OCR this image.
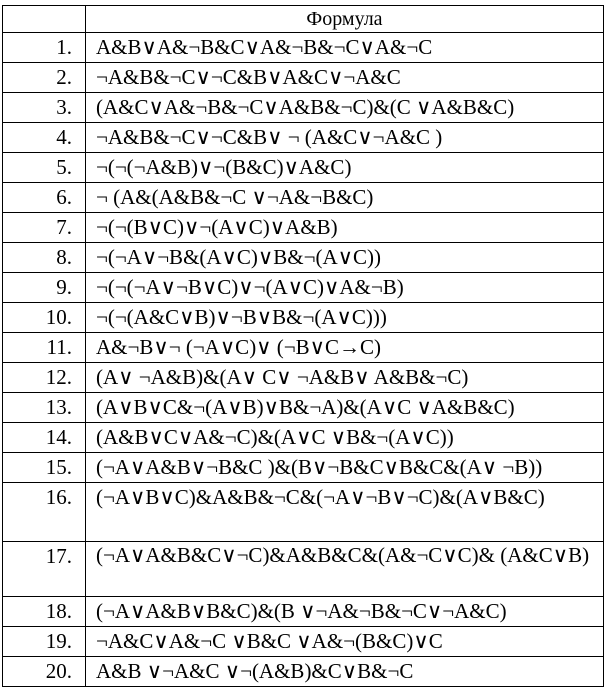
	Формула
1.	A&B∨A&¬B&C∨A&¬B&¬C∨A&¬C
2.	¬A&B&¬C∨¬C&B∨A&C∨¬A&C
3.	(A&C∨A&¬B&¬C∨A&B&¬C)&(C ∨A&B&C)
4.	¬A&B&¬C∨¬C&B∨ ¬ (A&C∨¬A&C )
5.	¬(¬(¬A&B)∨¬(B&C)∨A&C)
6.	¬ (A&(A&B&¬C ∨¬A&¬B&C)
7.	¬(¬(B∨C)∨¬(A∨C)∨A&B)
8.	¬(¬A∨¬B&(A∨C)∨B&¬(A∨C))
9.	¬(¬(¬A∨¬B∨C)∨¬(A∨C)∨A&¬B)
10.	¬(¬(A&C∨B)∨¬B∨B&¬(A∨C)))
11.	A&¬B∨¬ (¬A∨C)∨ (¬B∨C→C)
12.	(A∨ ¬A&B)&(A∨ C∨ ¬A&B∨ A&B&¬C)
13.	(A∨B∨C&¬(A∨B)∨B&¬A)&(A∨C ∨A&B&C)
14.	(A&B∨C∨A&¬C)&(A∨C ∨B&¬(A∨C))
15.	(¬A∨A&B∨¬B&C )&(B∨¬B&C∨B&C&(A∨ ¬B))
16.	(¬A∨B∨C)&A&B&¬C&(¬A∨¬B∨¬C)&(A∨B&C)
17.	(¬A∨A&B&C∨¬C)&A&B&C&(A&¬C∨C)& (A&C∨B)
18.	(¬A∨A&B∨B&C)&(B ∨¬A&¬B&¬C∨¬A&C)
19.	¬A&C∨A&¬C ∨B&C ∨A&¬(B&C)∨C
20.	A&B ∨¬A&C ∨¬(A&B)&C∨B&¬C
